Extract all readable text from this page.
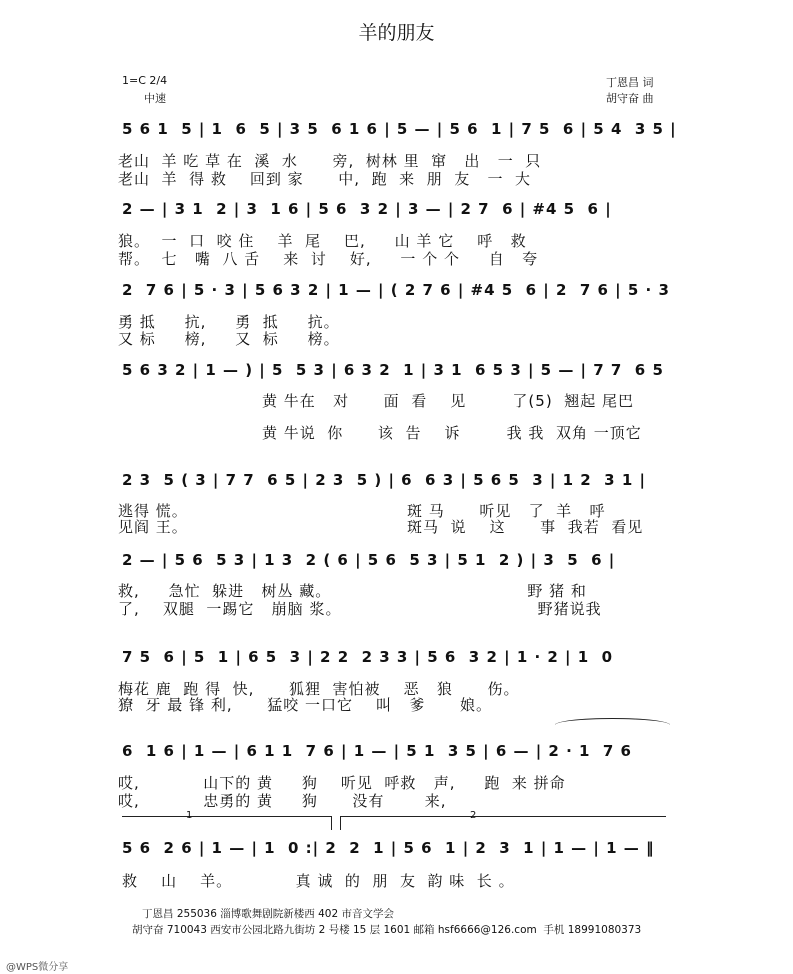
羊的朋友
1=C 2/4
中速
丁恩昌 词
胡守奋 曲
5 6 1  5 | 1  6  5 | 3 5  6 1 6 | 5 — | 5 6  1 | 7 5  6 | 5 4  3 5 |
老山  羊 吃 草 在  溪  水      旁,  树林 里  窜   出   一  只
老山  羊  得 救    回到 家      中,  跑  来  朋  友   一  大
2 — | 3 1  2 | 3  1 6 | 5 6  3 2 | 3 — | 2 7  6 | #4 5  6 |
狼。  一  口  咬 住    羊  尾    巴,     山 羊 它    呼   救
帮。  七   嘴  八 舌    来  讨    好,     一 个 个     自   夸
2  7 6 | 5 · 3 | 5 6 3 2 | 1 — | ( 2 7 6 | #4 5  6 | 2  7 6 | 5 · 3
勇 抵     抗,     勇  抵     抗。
又 标     榜,     又  标     榜。
5 6 3 2 | 1 — ) | 5  5 3 | 6 3 2  1 | 3 1  6 5 3 | 5 — | 7 7  6 5
黄 牛在   对      面  看    见        了(5)  翘起 尾巴
黄 牛说  你      该  告    诉        我 我  双角 一顶它
2 3  5 ( 3 | 7 7  6 5 | 2 3  5 ) | 6  6 3 | 5 6 5  3 | 1 2  3 1 |
逃得 慌。                                      斑 马      听见   了  羊   呼
见阎 王。                                      斑马  说    这      事  我若  看见
2 — | 5 6  5 3 | 1 3  2 ( 6 | 5 6  5 3 | 5 1  2 ) | 3  5  6 |
救,     急忙  躲进   树丛 藏。                                  野 猪 和
了,    双腿  一踢它   崩脑 浆。                                  野猪说我
7 5  6 | 5  1 | 6 5  3 | 2 2  2 3 3 | 5 6  3 2 | 1 · 2 | 1  0
梅花 鹿  跑 得  快,      狐狸  害怕被    恶   狼      伤。
獠  牙 最 锋 利,      猛咬 一口它    叫   爹      娘。
6  1 6 | 1 — | 6 1 1  7 6 | 1 — | 5 1  3 5 | 6 — | 2 · 1  7 6
哎,           山下的 黄     狗    听见  呼救   声,     跑  来 拼命
哎,           忠勇的 黄     狗      没有       来,
1	2
5 6  2 6 | 1 — | 1  0 :| 2  2  1 | 5 6  1 | 2  3  1 | 1 — | 1 — ‖
救    山    羊。           真 诚  的  朋  友  韵 味  长 。
丁恩昌 255036 淄博歌舞剧院新楼西 402 市音文学会
胡守奋 710043 西安市公园北路九街坊 2 号楼 15 层 1601 邮箱 hsf6666@126.com  手机 18991080373
@WPS微分享
